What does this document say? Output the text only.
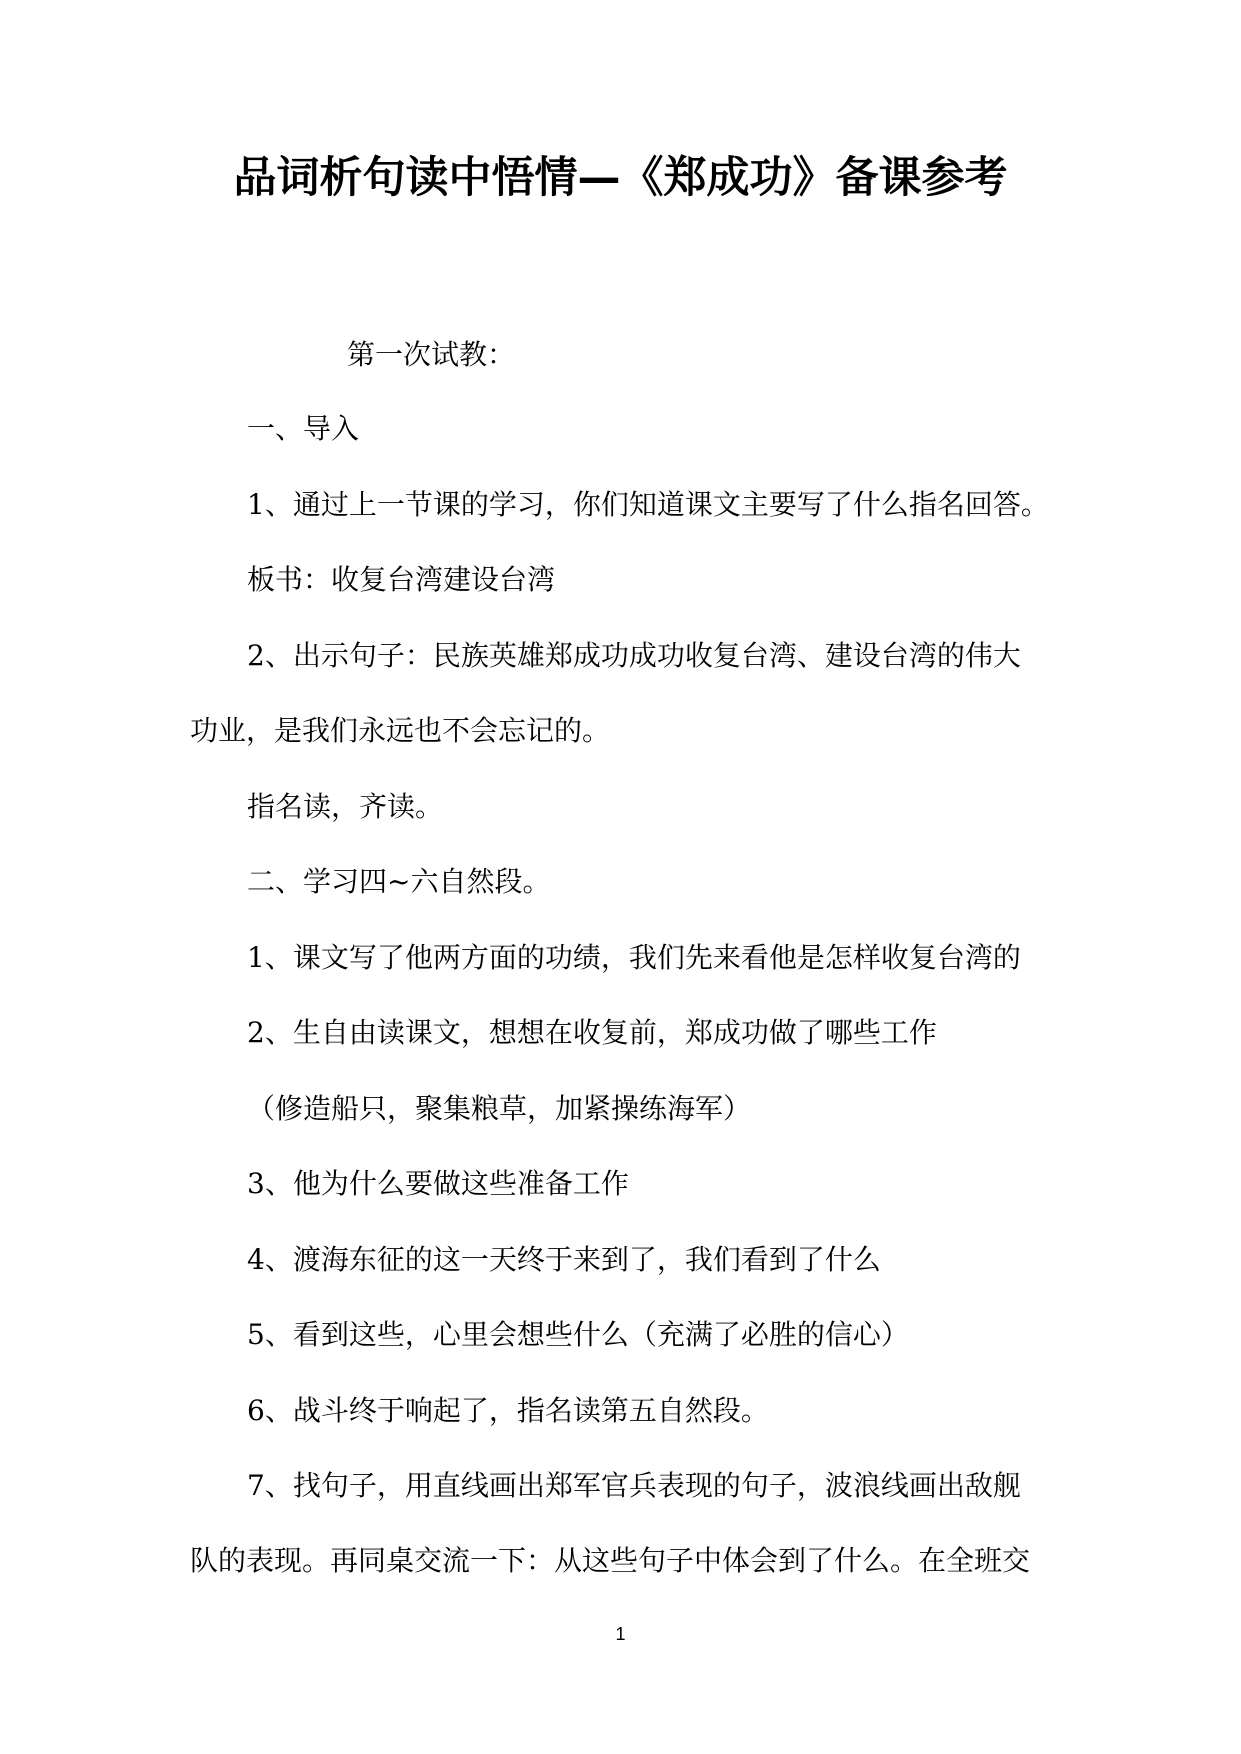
品词析句读中悟情—《郑成功》备课参考

第一次试教：

一、导入

1、通过上一节课的学习，你们知道课文主要写了什么指名回答。

板书：收复台湾建设台湾

2、出示句子：民族英雄郑成功成功收复台湾、建设台湾的伟大

功业，是我们永远也不会忘记的。

指名读，齐读。

二、学习四~六自然段。

1、课文写了他两方面的功绩，我们先来看他是怎样收复台湾的

2、生自由读课文，想想在收复前，郑成功做了哪些工作

（修造船只，聚集粮草，加紧操练海军）

3、他为什么要做这些准备工作

4、渡海东征的这一天终于来到了，我们看到了什么

5、看到这些，心里会想些什么（充满了必胜的信心）

6、战斗终于响起了，指名读第五自然段。

7、找句子，用直线画出郑军官兵表现的句子，波浪线画出敌舰

队的表现。再同桌交流一下：从这些句子中体会到了什么。在全班交

1
